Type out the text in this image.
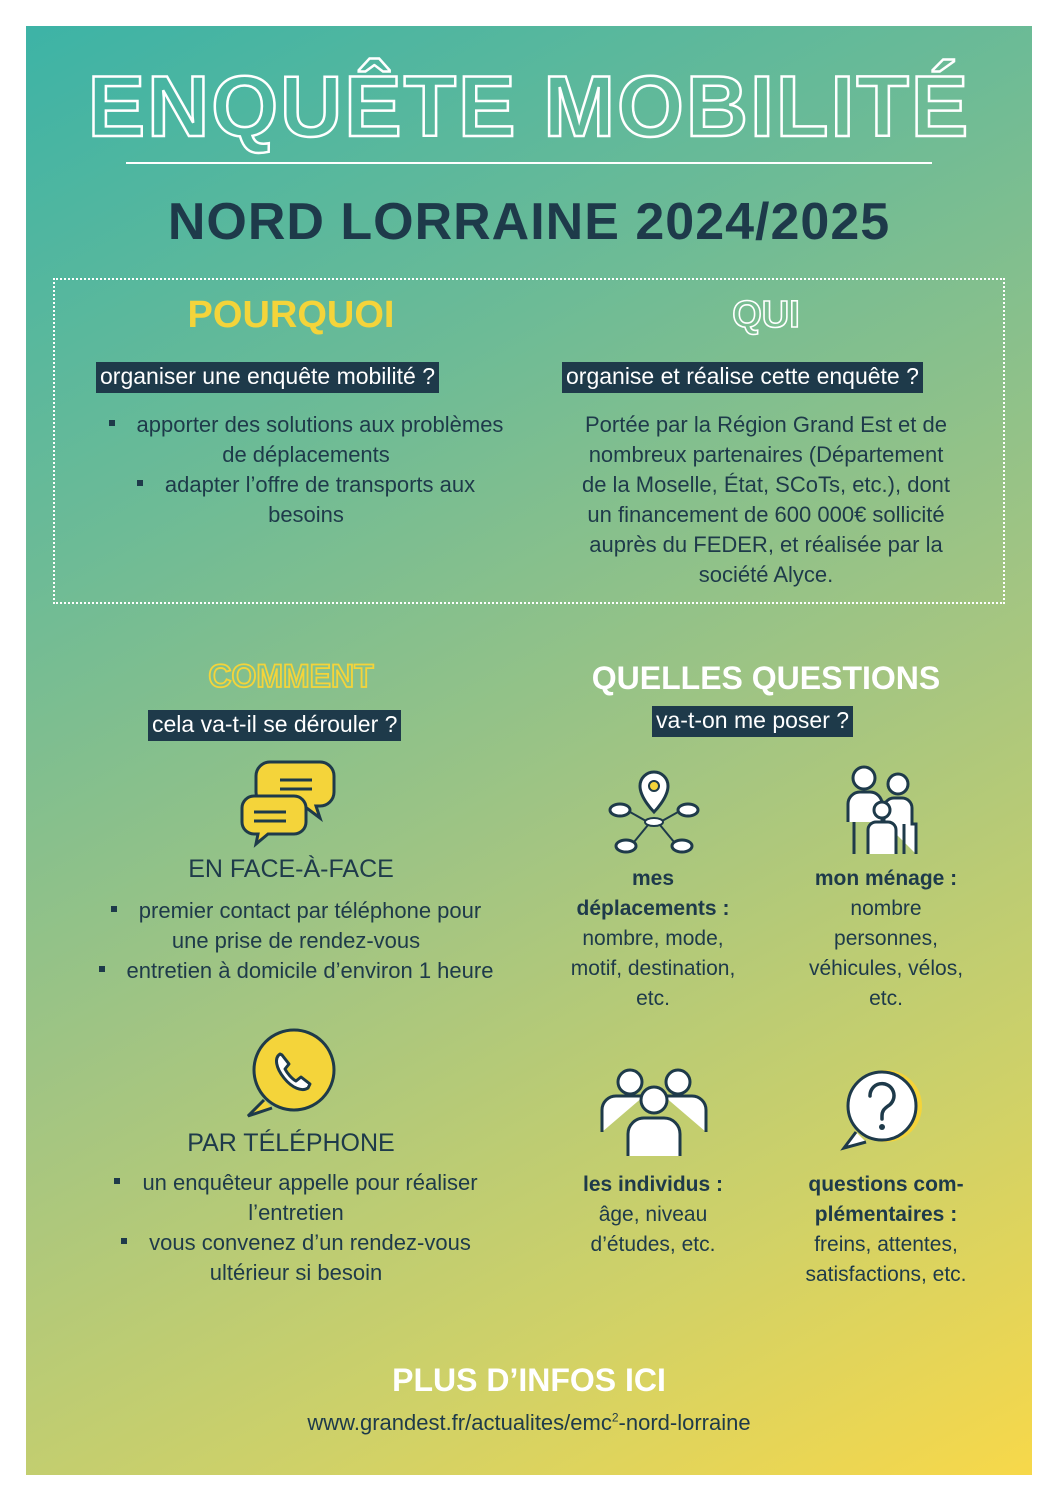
ENQUÊTE MOBILITÉ
NORD LORRAINE 2024/2025
POURQUOI
organiser une enquête mobilité ?
apporter des solutions aux problèmes
de déplacements
adapter l’offre de transports aux
besoins
QUI
organise et réalise cette enquête ?
Portée par la Région Grand Est et de
nombreux partenaires (Département
de la Moselle, État, SCoTs, etc.), dont
un financement de 600 000€ sollicité
auprès du FEDER, et réalisée par la
société Alyce.
COMMENT
cela va-t-il se dérouler ?
EN FACE-À-FACE
premier contact par téléphone pour
une prise de rendez-vous
entretien à domicile d’environ 1 heure
PAR TÉLÉPHONE
un enquêteur appelle pour réaliser
l’entretien
vous convenez d’un rendez-vous
ultérieur si besoin
QUELLES QUESTIONS
va-t-on me poser ?
mes
déplacements :
nombre, mode,
motif, destination,
etc.
mon ménage :
nombre
personnes,
véhicules, vélos,
etc.
les individus :
âge, niveau
d’études, etc.
questions com-
plémentaires :
freins, attentes,
satisfactions, etc.
PLUS D’INFOS ICI
www.grandest.fr/actualites/emc$^2$-nord-lorraine
